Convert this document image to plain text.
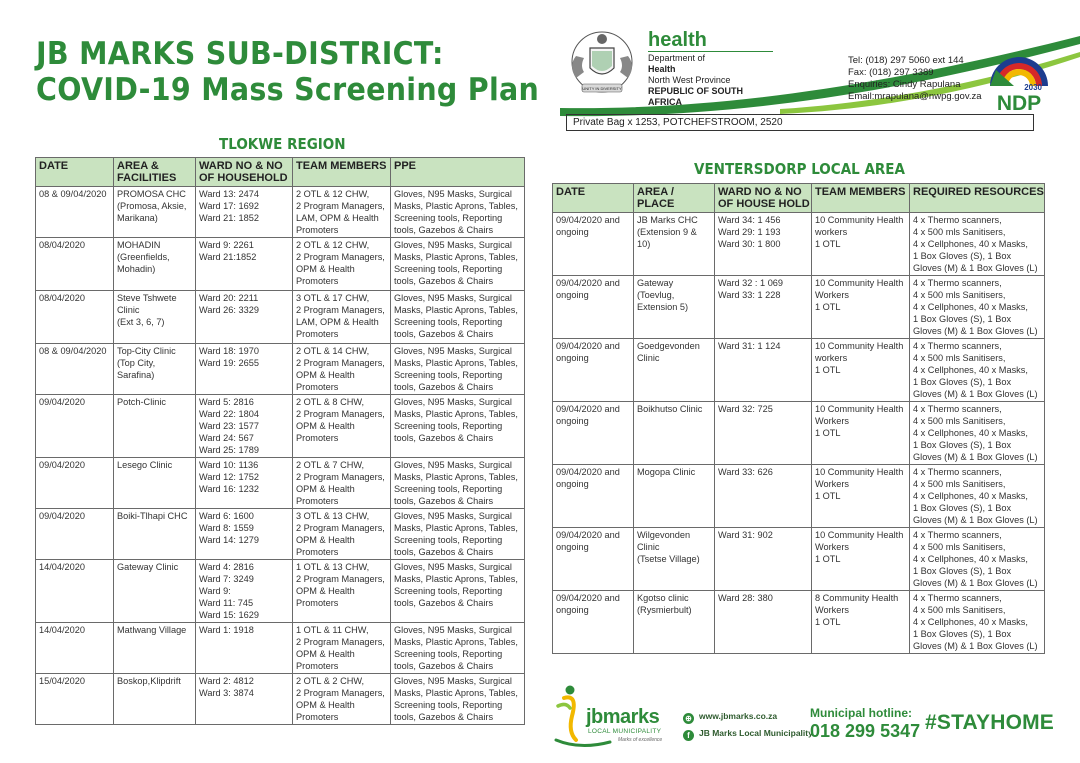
JB MARKS SUB-DISTRICT:
COVID-19 Mass Screening Plan	UNITY IN DIVERSITY
health
Department of
Health
North West Province
REPUBLIC OF SOUTH AFRICA
Tel: (018) 297 5060 ext 144
Fax: (018) 297 3389
Enquiries: Cindy Rapulana
Email:mrapulana@nwpg.gov.za
2030
NDP
Private Bag x 1253, POTCHEFSTROOM, 2520
TLOKWE REGION
VENTERSDORP LOCAL AREA
DATE	AREA &
FACILITIES	WARD NO & NO
OF HOUSEHOLD	TEAM MEMBERS	PPE

08 & 09/04/2020	PROMOSA CHC
(Promosa, Aksie,
Marikana)	Ward 13: 2474
Ward 17: 1692
Ward 21: 1852	2 OTL & 12 CHW,
2 Program Managers,
LAM, OPM & Health
Promoters	Gloves, N95 Masks, Surgical
Masks, Plastic Aprons, Tables,
Screening tools, Reporting
tools, Gazebos & Chairs

08/04/2020	MOHADIN
(Greenfields,
Mohadin)	Ward 9: 2261
Ward 21:1852	2 OTL & 12 CHW,
2 Program Managers,
OPM & Health
Promoters	Gloves, N95 Masks, Surgical
Masks, Plastic Aprons, Tables,
Screening tools, Reporting
tools, Gazebos & Chairs

08/04/2020	Steve Tshwete
Clinic
(Ext 3, 6, 7)	Ward 20: 2211
Ward 26: 3329	3 OTL & 17 CHW,
2 Program Managers,
LAM, OPM & Health
Promoters	Gloves, N95 Masks, Surgical
Masks, Plastic Aprons, Tables,
Screening tools, Reporting
tools, Gazebos & Chairs

08 & 09/04/2020	Top-City Clinic
(Top City,
Sarafina)	Ward 18: 1970
Ward 19: 2655	2 OTL & 14 CHW,
2 Program Managers,
OPM & Health
Promoters	Gloves, N95 Masks, Surgical
Masks, Plastic Aprons, Tables,
Screening tools, Reporting
tools, Gazebos & Chairs

09/04/2020	Potch-Clinic	Ward 5: 2816
Ward 22: 1804
Ward 23: 1577
Ward 24: 567
Ward 25: 1789	2 OTL & 8 CHW,
2 Program Managers,
OPM & Health
Promoters	Gloves, N95 Masks, Surgical
Masks, Plastic Aprons, Tables,
Screening tools, Reporting
tools, Gazebos & Chairs

09/04/2020	Lesego Clinic	Ward 10: 1136
Ward 12: 1752
Ward 16: 1232	2 OTL & 7 CHW,
2 Program Managers,
OPM & Health
Promoters	Gloves, N95 Masks, Surgical
Masks, Plastic Aprons, Tables,
Screening tools, Reporting
tools, Gazebos & Chairs

09/04/2020	Boiki-Tlhapi CHC	Ward 6: 1600
Ward 8: 1559
Ward 14: 1279	3 OTL & 13 CHW,
2 Program Managers,
OPM & Health
Promoters	Gloves, N95 Masks, Surgical
Masks, Plastic Aprons, Tables,
Screening tools, Reporting
tools, Gazebos & Chairs

14/04/2020	Gateway Clinic	Ward 4: 2816
Ward 7: 3249
Ward 9:
Ward 11: 745
Ward 15: 1629	1 OTL & 13 CHW,
2 Program Managers,
OPM & Health
Promoters	Gloves, N95 Masks, Surgical
Masks, Plastic Aprons, Tables,
Screening tools, Reporting
tools, Gazebos & Chairs

14/04/2020	Matlwang Village	Ward 1: 1918	1 OTL & 11 CHW,
2 Program Managers,
OPM & Health
Promoters	Gloves, N95 Masks, Surgical
Masks, Plastic Aprons, Tables,
Screening tools, Reporting
tools, Gazebos & Chairs

15/04/2020	Boskop,Klipdrift	Ward 2: 4812
Ward 3: 3874	2 OTL & 2 CHW,
2 Program Managers,
OPM & Health
Promoters	Gloves, N95 Masks, Surgical
Masks, Plastic Aprons, Tables,
Screening tools, Reporting
tools, Gazebos & Chairs
DATE	AREA /
PLACE	WARD NO & NO
OF HOUSE HOLD	TEAM MEMBERS	REQUIRED RESOURCES

09/04/2020 and
ongoing	JB Marks CHC
(Extension 9 &
10)	Ward 34: 1 456
Ward 29: 1 193
Ward 30: 1 800	10 Community Health
workers
1 OTL	4 x Thermo scanners,
4 x 500 mls Sanitisers,
4 x Cellphones, 40 x Masks,
1 Box Gloves (S), 1 Box
Gloves (M) & 1 Box Gloves (L)

09/04/2020 and
ongoing	Gateway
(Toevlug,
Extension 5)	Ward 32 : 1 069
Ward 33: 1 228	10 Community Health
Workers
1 OTL	4 x Thermo scanners,
4 x 500 mls Sanitisers,
4 x Cellphones, 40 x Masks,
1 Box Gloves (S), 1 Box
Gloves (M) & 1 Box Gloves (L)

09/04/2020 and
ongoing	Goedgevonden
Clinic	Ward 31: 1 124	10 Community Health
workers
1 OTL	4 x Thermo scanners,
4 x 500 mls Sanitisers,
4 x Cellphones, 40 x Masks,
1 Box Gloves (S), 1 Box
Gloves (M) & 1 Box Gloves (L)

09/04/2020 and
ongoing	Boikhutso Clinic	Ward 32: 725	10 Community Health
Workers
1 OTL	4 x Thermo scanners,
4 x 500 mls Sanitisers,
4 x Cellphones, 40 x Masks,
1 Box Gloves (S), 1 Box
Gloves (M) & 1 Box Gloves (L)

09/04/2020 and
ongoing	Mogopa Clinic	Ward 33: 626	10 Community Health
Workers
1 OTL	4 x Thermo scanners,
4 x 500 mls Sanitisers,
4 x Cellphones, 40 x Masks,
1 Box Gloves (S), 1 Box
Gloves (M) & 1 Box Gloves (L)

09/04/2020 and
ongoing	Wilgevonden
Clinic
(Tsetse Village)	Ward 31: 902	10 Community Health
Workers
1 OTL	4 x Thermo scanners,
4 x 500 mls Sanitisers,
4 x Cellphones, 40 x Masks,
1 Box Gloves (S), 1 Box
Gloves (M) & 1 Box Gloves (L)

09/04/2020 and
ongoing	Kgotso clinic
(Rysmierbult)	Ward 28: 380	8 Community Health
Workers
1 OTL	4 x Thermo scanners,
4 x 500 mls Sanitisers,
4 x Cellphones, 40 x Masks,
1 Box Gloves (S), 1 Box
Gloves (M) & 1 Box Gloves (L)
jbmarks
LOCAL MUNICIPALITY
Marks of excellence
⊕ www.jbmarks.co.za
f JB Marks Local Municipality
Municipal hotline:
018 299 5347 #STAYHOME
